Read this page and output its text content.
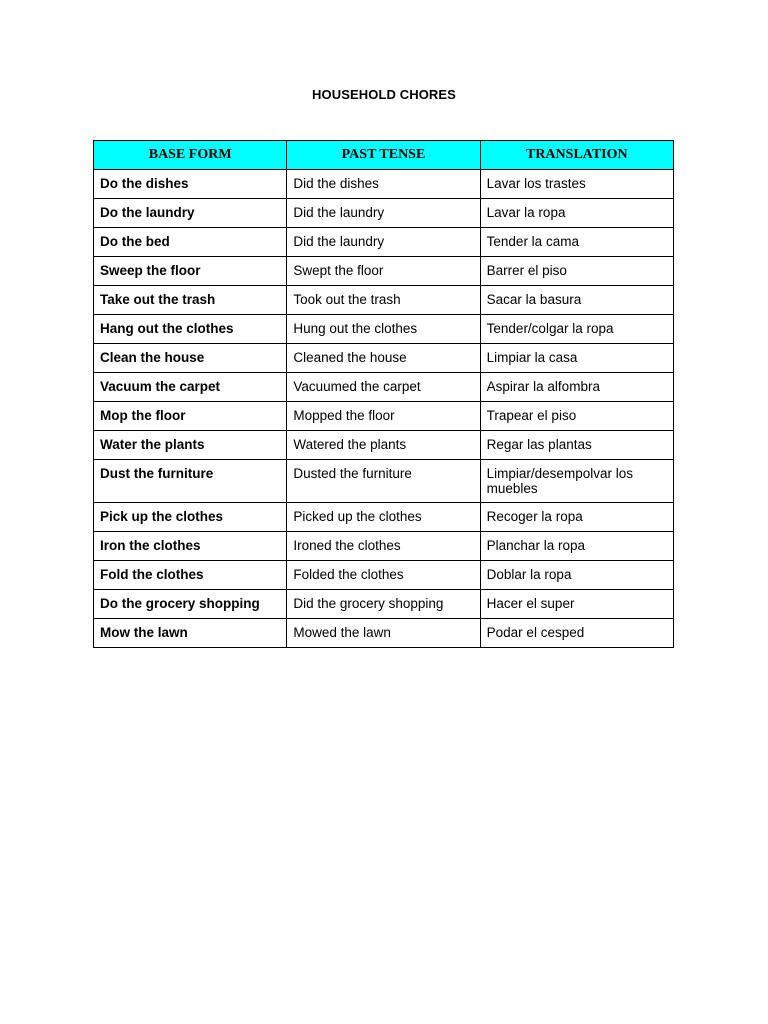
HOUSEHOLD CHORES
BASE FORM	PAST TENSE	TRANSLATION
Do the dishes	Did the dishes	Lavar los trastes
Do the laundry	Did the laundry	Lavar la ropa
Do the bed	Did the laundry	Tender la cama
Sweep the floor	Swept the floor	Barrer el piso
Take out the trash	Took out the trash	Sacar la basura
Hang out the clothes	Hung out the clothes	Tender/colgar la ropa
Clean the house	Cleaned the house	Limpiar la casa
Vacuum the carpet	Vacuumed the carpet	Aspirar la alfombra
Mop the floor	Mopped the floor	Trapear el piso
Water the plants	Watered the plants	Regar las plantas
Dust the furniture	Dusted the furniture	Limpiar/desempolvar los muebles
Pick up the clothes	Picked up the clothes	Recoger la ropa
Iron the clothes	Ironed the clothes	Planchar la ropa
Fold the clothes	Folded the clothes	Doblar la ropa
Do the grocery shopping	Did the grocery shopping	Hacer el super
Mow the lawn	Mowed the lawn	Podar el cesped
